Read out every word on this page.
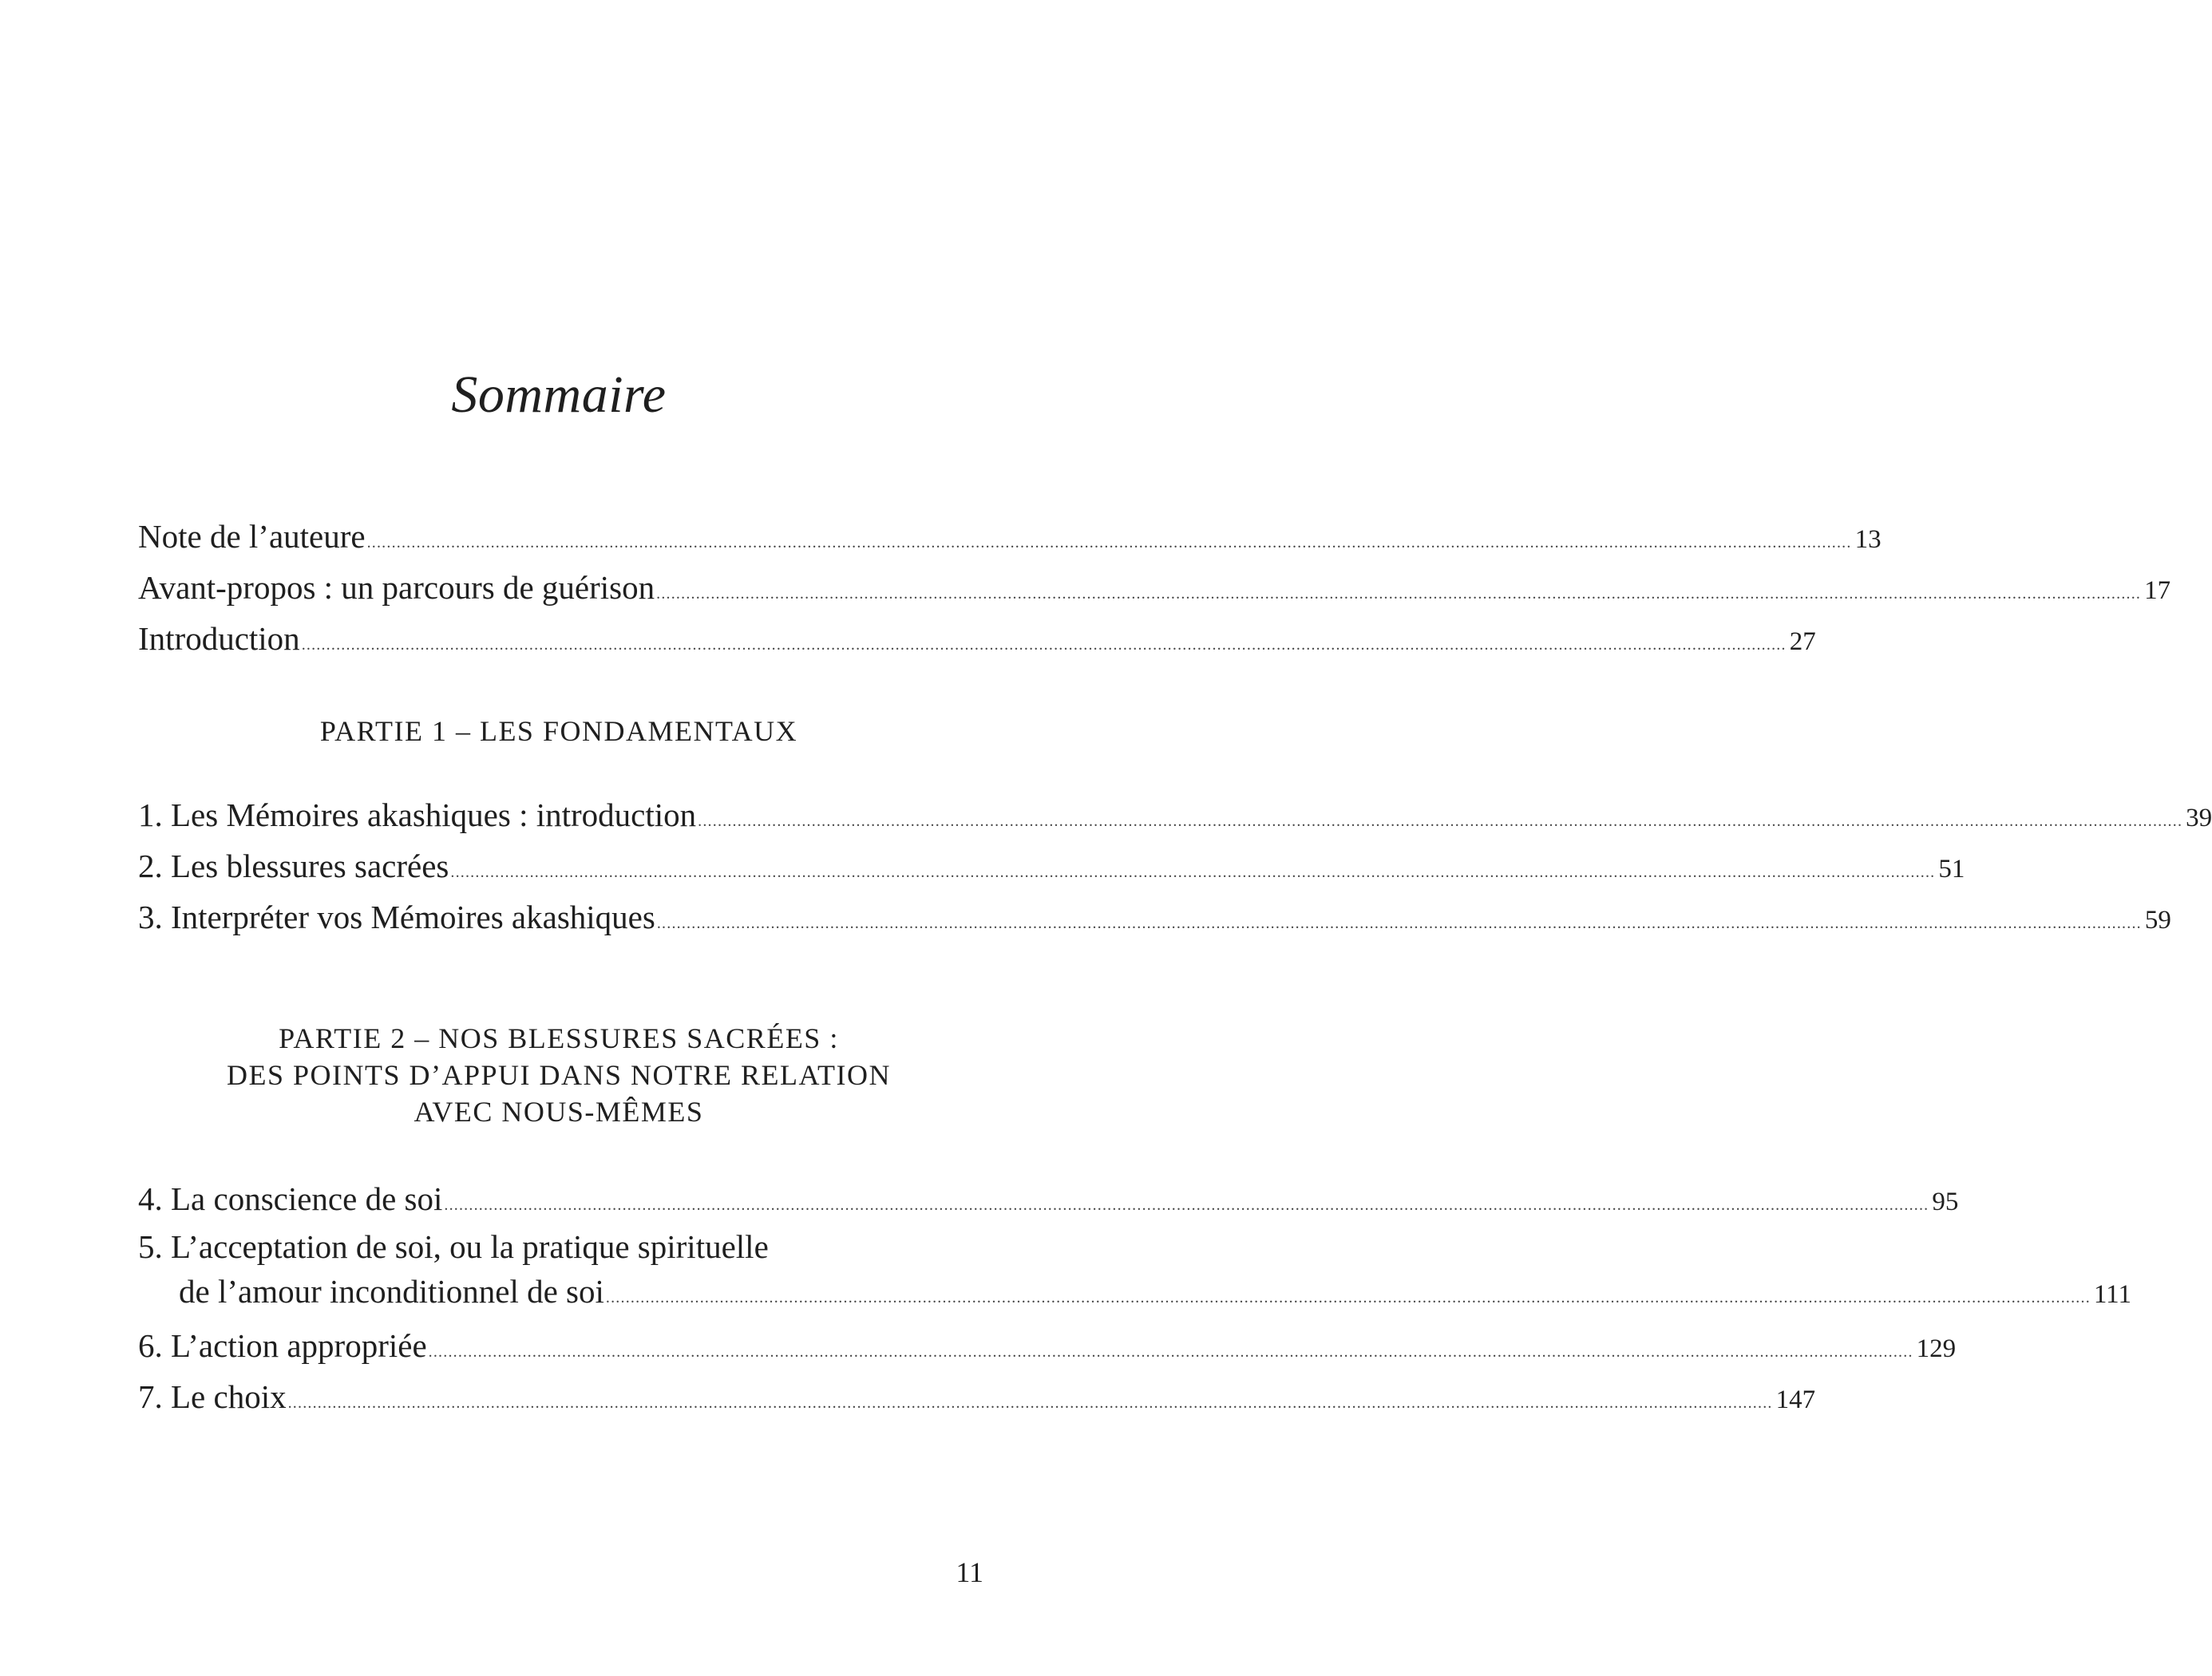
Sommaire
Note de l’auteure ............................................................................................................................................................................................................................................................................................................ 13
Avant-propos : un parcours de guérison ............................................................................................................................................................................................................................................................................................................ 17
Introduction ............................................................................................................................................................................................................................................................................................................ 27
PARTIE 1 – LES FONDAMENTAUX
1. Les Mémoires akashiques : introduction ............................................................................................................................................................................................................................................................................................................ 39
2. Les blessures sacrées ............................................................................................................................................................................................................................................................................................................ 51
3. Interpréter vos Mémoires akashiques ............................................................................................................................................................................................................................................................................................................ 59
PARTIE 2 – NOS BLESSURES SACRÉES :
DES POINTS D’APPUI DANS NOTRE RELATION
AVEC NOUS-MÊMES
4. La conscience de soi ............................................................................................................................................................................................................................................................................................................ 95
5. L’acceptation de soi, ou la pratique spirituelle
de l’amour inconditionnel de soi ............................................................................................................................................................................................................................................................................................................ 111
6. L’action appropriée ............................................................................................................................................................................................................................................................................................................ 129
7. Le choix ............................................................................................................................................................................................................................................................................................................ 147
11
